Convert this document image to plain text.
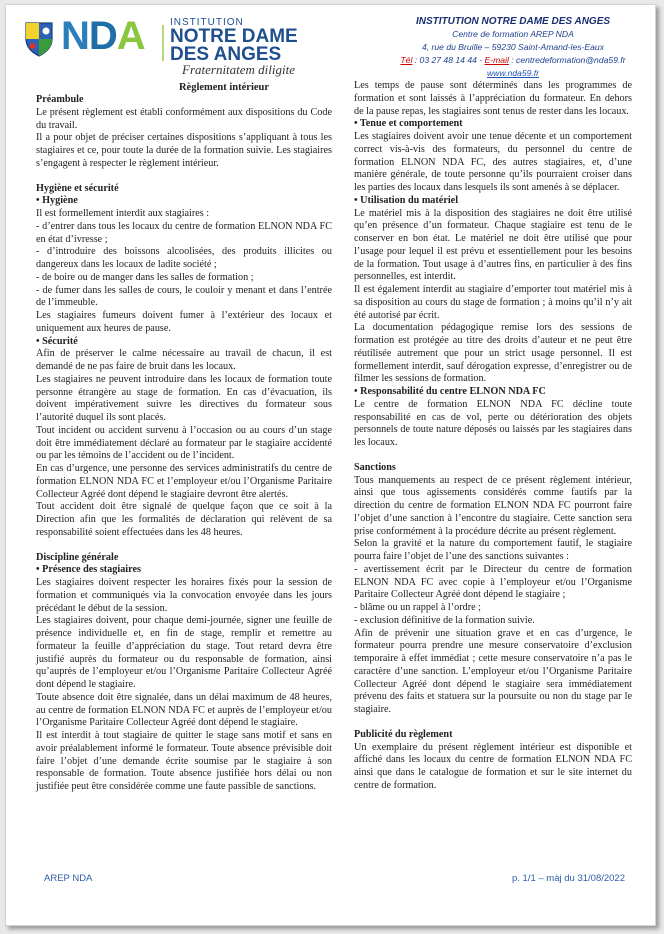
NDA	INSTITUTION
NOTRE DAME
DES ANGES
Fraternitatem diligite
INSTITUTION NOTRE DAME DES ANGES
Centre de formation AREP NDA
4, rue du Bruille – 59230 Saint-Amand-les-Eaux
Tél : 03 27 48 14 44 - E-mail : centredeformation@nda59.fr
www.nda59.fr
Règlement intérieur

Préambule

Le présent règlement est établi conformément aux dispositions du Code du travail.

Il a pour objet de préciser certaines dispositions s’appliquant à tous les stagiaires et ce, pour toute la durée de la formation suivie. Les stagiaires s’engagent à respecter le règlement intérieur.

Hygiène et sécurité

• Hygiène

Il est formellement interdit aux stagiaires :

- d’entrer dans tous les locaux du centre de formation ELNON NDA FC en état d’ivresse ;

- d’introduire des boissons alcoolisées, des produits illicites ou dangereux dans les locaux de ladite société ;

- de boire ou de manger dans les salles de formation ;

- de fumer dans les salles de cours, le couloir y menant et dans l’entrée de l’immeuble.

Les stagiaires fumeurs doivent fumer à l’extérieur des locaux et uniquement aux heures de pause.

• Sécurité

Afin de préserver le calme nécessaire au travail de chacun, il est demandé de ne pas faire de bruit dans les locaux.

Les stagiaires ne peuvent introduire dans les locaux de formation toute personne étrangère au stage de formation. En cas d’évacuation, ils doivent impérativement suivre les directives du formateur sous l’autorité duquel ils sont placés.

Tout incident ou accident survenu à l’occasion ou au cours d’un stage doit être immédiatement déclaré au formateur par le stagiaire accidenté ou par les témoins de l’accident ou de l’incident.

En cas d’urgence, une personne des services administratifs du centre de formation ELNON NDA FC et l’employeur et/ou l’Organisme Paritaire Collecteur Agréé dont dépend le stagiaire devront être alertés.

Tout accident doit être signalé de quelque façon que ce soit à la Direction afin que les formalités de déclaration qui relèvent de sa responsabilité soient effectuées dans les 48 heures.

Discipline générale

• Présence des stagiaires

Les stagiaires doivent respecter les horaires fixés pour la session de formation et communiqués via la convocation envoyée dans les jours précédant le début de la session.

Les stagiaires doivent, pour chaque demi-journée, signer une feuille de présence individuelle et, en fin de stage, remplir et remettre au formateur la feuille d’appréciation du stage. Tout retard devra être justifié auprès du formateur ou du responsable de formation, ainsi qu’auprès de l’employeur et/ou l’Organisme Paritaire Collecteur Agréé dont dépend le stagiaire.

Toute absence doit être signalée, dans un délai maximum de 48 heures, au centre de formation ELNON NDA FC et auprès de l’employeur et/ou l’Organisme Paritaire Collecteur Agréé dont dépend le stagiaire.

Il est interdit à tout stagiaire de quitter le stage sans motif et sans en avoir préalablement informé le formateur. Toute absence prévisible doit faire l’objet d’une demande écrite soumise par le stagiaire à son responsable de formation. Toute absence justifiée hors délai ou non justifiée peut être considérée comme une faute passible de sanctions.

Les temps de pause sont déterminés dans les programmes de formation et sont laissés à l’appréciation du formateur. En dehors de la pause repas, les stagiaires sont tenus de rester dans les locaux.

• Tenue et comportement

Les stagiaires doivent avoir une tenue décente et un comportement correct vis-à-vis des formateurs, du personnel du centre de formation ELNON NDA FC, des autres stagiaires, et, d’une manière générale, de toute personne qu’ils pourraient croiser dans les parties des locaux dans lesquels ils sont amenés à se déplacer.

• Utilisation du matériel

Le matériel mis à la disposition des stagiaires ne doit être utilisé qu’en présence d’un formateur. Chaque stagiaire est tenu de le conserver en bon état. Le matériel ne doit être utilisé que pour l’usage pour lequel il est prévu et essentiellement pour les besoins de la formation. Tout usage à d’autres fins, en particulier à des fins personnelles, est interdit.

Il est également interdit au stagiaire d’emporter tout matériel mis à sa disposition au cours du stage de formation ; à moins qu’il n’y ait été autorisé par écrit.

La documentation pédagogique remise lors des sessions de formation est protégée au titre des droits d’auteur et ne peut être réutilisée autrement que pour un strict usage personnel. Il est formellement interdit, sauf dérogation expresse, d’enregistrer ou de filmer les sessions de formation.

• Responsabilité du centre ELNON NDA FC

Le centre de formation ELNON NDA FC décline toute responsabilité en cas de vol, perte ou détérioration des objets personnels de toute nature déposés ou laissés par les stagiaires dans les locaux.

Sanctions

Tous manquements au respect de ce présent règlement intérieur, ainsi que tous agissements considérés comme fautifs par la direction du centre de formation ELNON NDA FC pourront faire l’objet d’une sanction à l’encontre du stagiaire. Cette sanction sera prise conformément à la procédure décrite au présent règlement.

Selon la gravité et la nature du comportement fautif, le stagiaire pourra faire l’objet de l’une des sanctions suivantes :

- avertissement écrit par le Directeur du centre de formation ELNON NDA FC avec copie à l’employeur et/ou l’Organisme Paritaire Collecteur Agréé dont dépend le stagiaire ;

- blâme ou un rappel à l’ordre ;

- exclusion définitive de la formation suivie.

Afin de prévenir une situation grave et en cas d’urgence, le formateur pourra prendre une mesure conservatoire d’exclusion temporaire à effet immédiat ; cette mesure conservatoire n’a pas le caractère d’une sanction. L’employeur et/ou l’Organisme Paritaire Collecteur Agréé dont dépend le stagiaire sera immédiatement prévenu des faits et statuera sur la poursuite ou non du stage par le stagiaire.

Publicité du règlement

Un exemplaire du présent règlement intérieur est disponible et affiché dans les locaux du centre de formation ELNON NDA FC ainsi que dans le catalogue de formation et sur le site internet du centre de formation.

AREP NDA	p. 1/1 – màj du 31/08/2022
